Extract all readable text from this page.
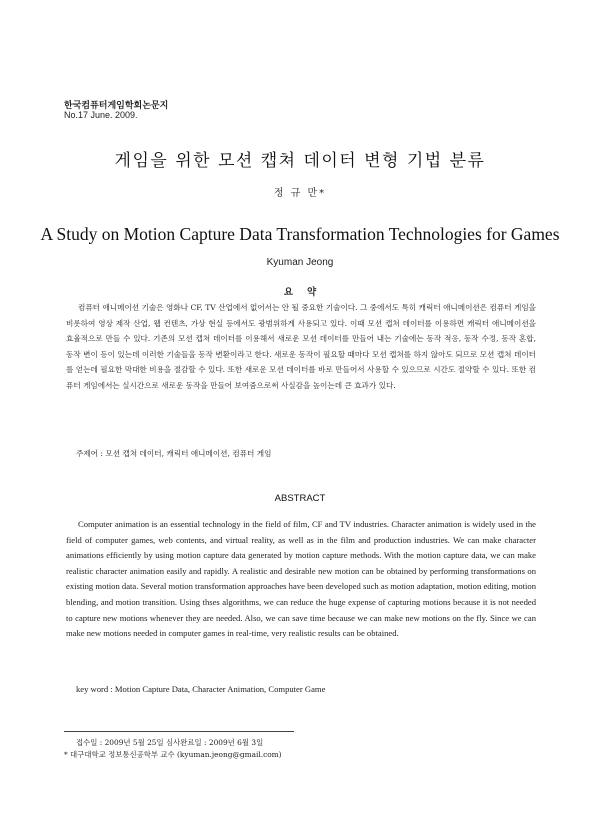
한국컴퓨터게임학회논문지
No.17 June. 2009.
게임을 위한 모션 캡쳐 데이터 변형 기법 분류
정 규 만*
A Study on Motion Capture Data Transformation Technologies for Games
Kyuman Jeong
요약

컴퓨터 애니메이션 기술은 영화나 CF, TV 산업에서 없어서는 안 될 중요한 기술이다. 그 중에서도 특히 캐릭터 애니메이션은 컴퓨터 게임을 비롯하여 영상 제작 산업, 웹 컨텐츠, 가상 현실 등에서도 광범위하게 사용되고 있다. 이때 모션 캡쳐 데이터를 이용하면 캐릭터 애니메이션을 효율적으로 만들 수 있다. 기존의 모션 캡쳐 데이터를 이용해서 새로운 모션 데이터를 만들어 내는 기술에는 동작 적응, 동작 수정, 동작 혼합, 동작 변이 등이 있는데 이러한 기술들을 동작 변환이라고 한다. 새로운 동작이 필요할 때마다 모션 캡쳐를 하지 않아도 되므로 모션 캡쳐 데이터를 얻는데 필요한 막대한 비용을 절감할 수 있다. 또한 새로운 모션 데이터를 바로 만들어서 사용할 수 있으므로 시간도 절약할 수 있다. 또한 컴퓨터 게임에서는 실시간으로 새로운 동작을 만들어 보여줌으로써 사실감을 높이는데 큰 효과가 있다.

주제어 : 모션 캡쳐 데이터, 캐릭터 애니메이션, 컴퓨터 게임
ABSTRACT

Computer animation is an essential technology in the field of film, CF and TV industries. Character animation is widely used in the field of computer games, web contents, and virtual reality, as well as in the film and production industries. We can make character animations efficiently by using motion capture data generated by motion capture methods. With the motion capture data, we can make realistic character animation easily and rapidly. A realistic and desirable new motion can be obtained by performing transformations on existing motion data. Several motion transformation approaches have been developed such as motion adaptation, motion editing, motion blending, and motion transition. Using thses algorithms, we can reduce the huge expense of capturing motions because it is not needed to capture new motions whenever they are needed. Also, we can save time because we can make new motions on the fly. Since we can make new motions needed in computer games in real-time, very realistic results can be obtained.

key word : Motion Capture Data, Character Animation, Computer Game
접수일 : 2009년 5월 25일 심사완료일 : 2009년 6월 3일
* 대구대학교 정보통신공학부 교수 (kyuman.jeong@gmail.com)
